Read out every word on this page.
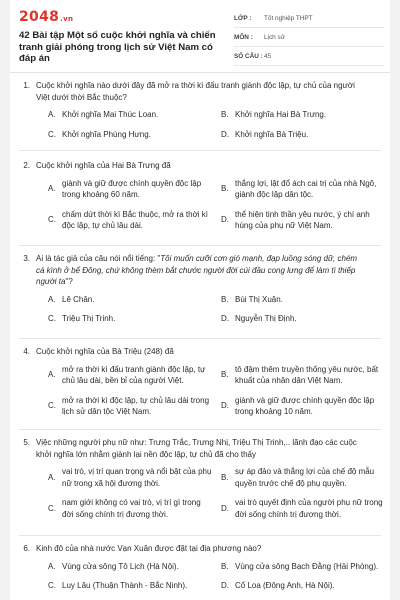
2048.vn
42 Bài tập Một số cuộc khởi nghĩa và chiến tranh giải phóng trong lịch sử Việt Nam có đáp án
LỚP :	Tốt nghiệp THPT
MÔN :	Lịch sử
SỐ CÂU : 45
1. Cuộc khởi nghĩa nào dưới đây đã mở ra thời kì đấu tranh giành độc lập, tự chủ của người Việt dưới thời Bắc thuộc?
A. Khởi nghĩa Mai Thúc Loan.	B. Khởi nghĩa Hai Bà Trưng.
C. Khởi nghĩa Phùng Hưng.	D. Khởi nghĩa Bà Triệu.
2. Cuộc khởi nghĩa của Hai Bà Trưng đã
A.
giành và giữ được chính quyền độc lập trong khoảng 60 năm.
B.
thắng lợi, lật đổ ách cai trị của nhà Ngô, giành độc lập dân tộc.
C.
chấm dứt thời kì Bắc thuộc, mở ra thời kì độc lập, tự chủ lâu dài.
D.
thể hiện tinh thần yêu nước, ý chí anh hùng của phụ nữ Việt Nam.
3. Ai là tác giả của câu nói nổi tiếng: "Tôi muốn cưỡi cơn gió mạnh, đạp luồng sóng dữ, chém cá kình ở bể Đông, chứ không thèm bắt chước người đời cúi đầu cong lưng để làm tì thiếp người ta"?
A. Lê Chân.	B. Bùi Thị Xuân.
C. Triệu Thị Trinh.	D. Nguyễn Thị Định.
4. Cuộc khởi nghĩa của Bà Triệu (248) đã
A.
mở ra thời kì đấu tranh giành độc lập, tự chủ lâu dài, bền bỉ của người Việt.
B.
tô đậm thêm truyền thống yêu nước, bất khuất của nhân dân Việt Nam.
C.
mở ra thời kì độc lập, tự chủ lâu dài trong lịch sử dân tộc Việt Nam.
D.
giành và giữ được chính quyền độc lập trong khoảng 10 năm.
5. Việc những người phụ nữ như: Trưng Trắc, Trưng Nhị, Triệu Thị Trinh,.. lãnh đạo các cuộc khởi nghĩa lớn nhằm giành lại nền độc lập, tự chủ đã cho thấy
A.
vai trò, vị trí quan trọng và nổi bật của phụ nữ trong xã hội đương thời.
B.
sự áp đảo và thắng lợi của chế độ mẫu quyền trước chế độ phụ quyền.
C.
nam giới không có vai trò, vị trí gì trong đời sống chính trị đương thời.
D.
vai trò quyết định của người phụ nữ trong đời sống chính trị đương thời.
6. Kinh đô của nhà nước Vạn Xuân được đặt tại địa phương nào?
A. Vùng cửa sông Tô Lịch (Hà Nội).	B. Vùng cửa sông Bạch Đằng (Hải Phòng).
C. Luy Lâu (Thuận Thành - Bắc Ninh).	D. Cổ Loa (Đông Anh, Hà Nội).
